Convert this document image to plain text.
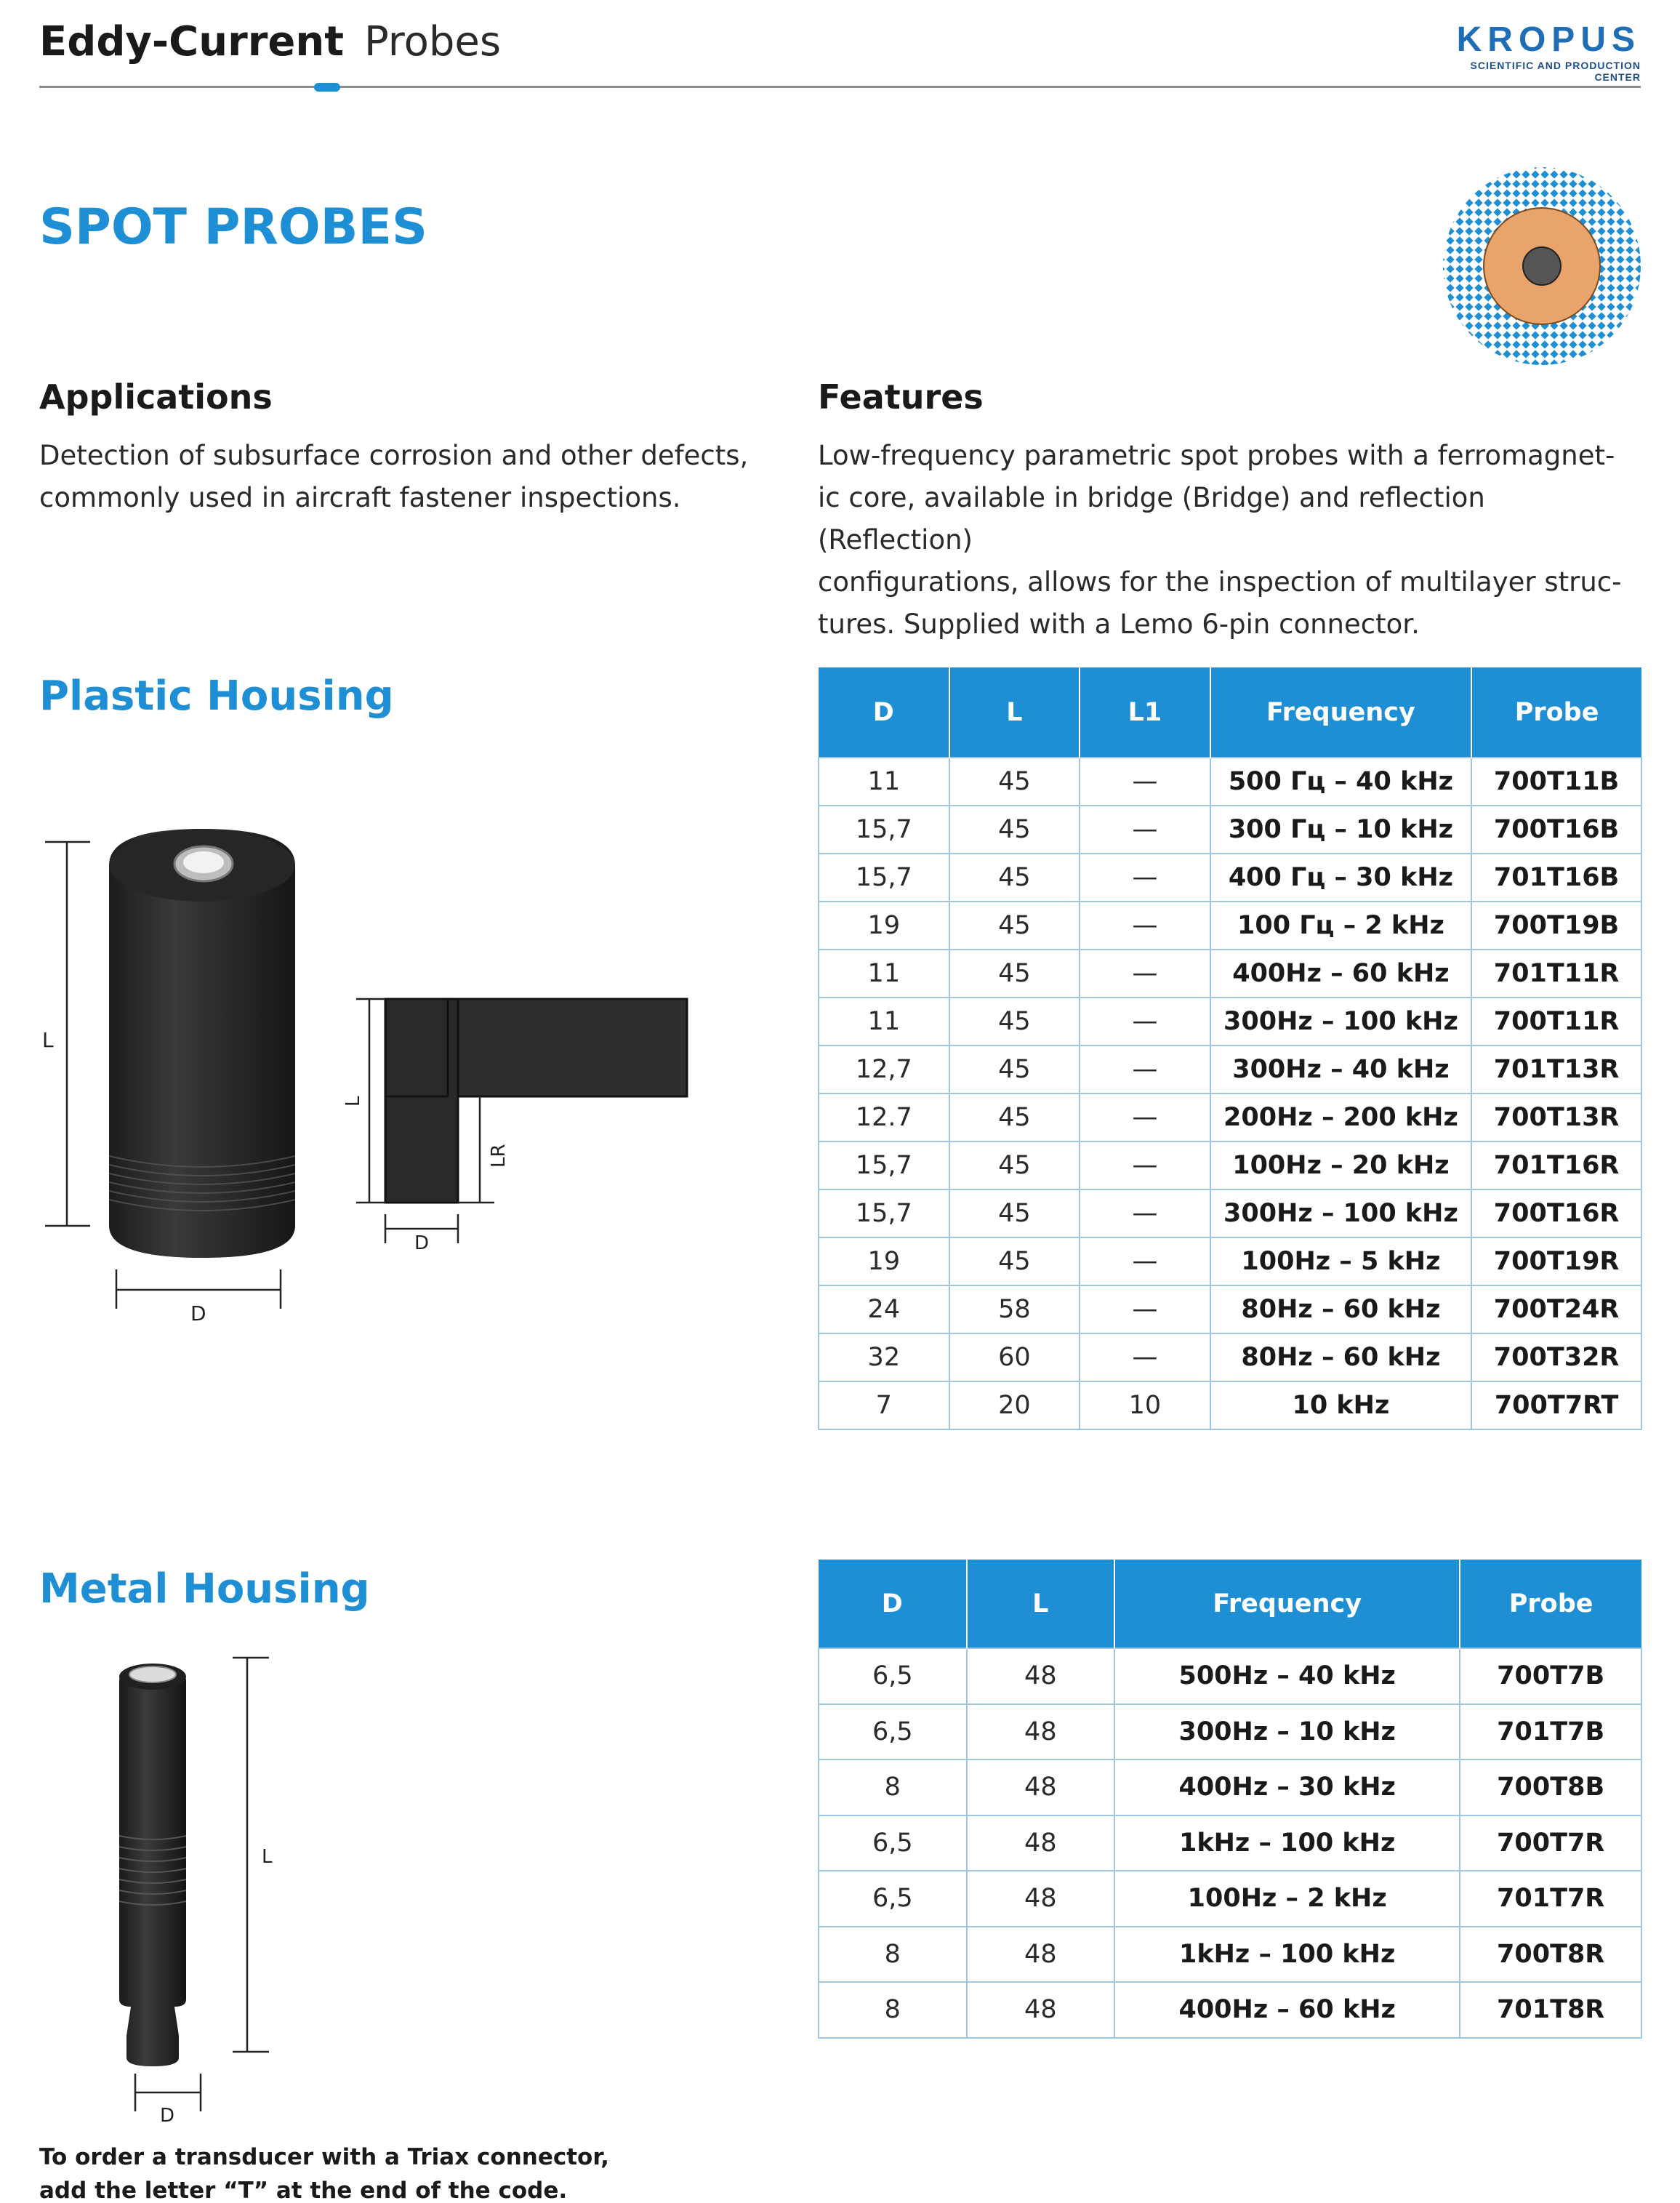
Eddy-Current Probes	KROPUS
SCIENTIFIC AND PRODUCTION CENTER
SPOT PROBES
Applications
Detection of subsurface corrosion and other defects,
commonly used in aircraft fastener inspections.
Features
Low-frequency parametric spot probes with a ferromagnet-
ic core, available in bridge (Bridge) and reflection (Reflection)
configurations, allows for the inspection of multilayer struc-
tures. Supplied with a Lemo 6-pin connector.
Plastic Housing
L
D
L
LR
D
L
D
D	L	L1	Frequency	Probe
11	45	—	500 Гц – 40 kHz	700T11B
15,7	45	—	300 Гц – 10 kHz	700T16B
15,7	45	—	400 Гц – 30 kHz	701T16B
19	45	—	100 Гц – 2 kHz	700T19B
11	45	—	400Hz – 60 kHz	701T11R
11	45	—	300Hz – 100 kHz	700T11R
12,7	45	—	300Hz – 40 kHz	701T13R
12.7	45	—	200Hz – 200 kHz	700T13R
15,7	45	—	100Hz – 20 kHz	701T16R
15,7	45	—	300Hz – 100 kHz	700T16R
19	45	—	100Hz – 5 kHz	700T19R
24	58	—	80Hz – 60 kHz	700T24R
32	60	—	80Hz – 60 kHz	700T32R
7	20	10	10 kHz	700T7RT
Metal Housing	D	L	Frequency	Probe
6,5	48	500Hz – 40 kHz	700T7B
6,5	48	300Hz – 10 kHz	701T7B
8	48	400Hz – 30 kHz	700T8B
6,5	48	1kHz – 100 kHz	700T7R
6,5	48	100Hz – 2 kHz	701T7R
8	48	1kHz – 100 kHz	700T8R
8	48	400Hz – 60 kHz	701T8R
To order a transducer with a Triax connector,
add the letter “T” at the end of the code.
